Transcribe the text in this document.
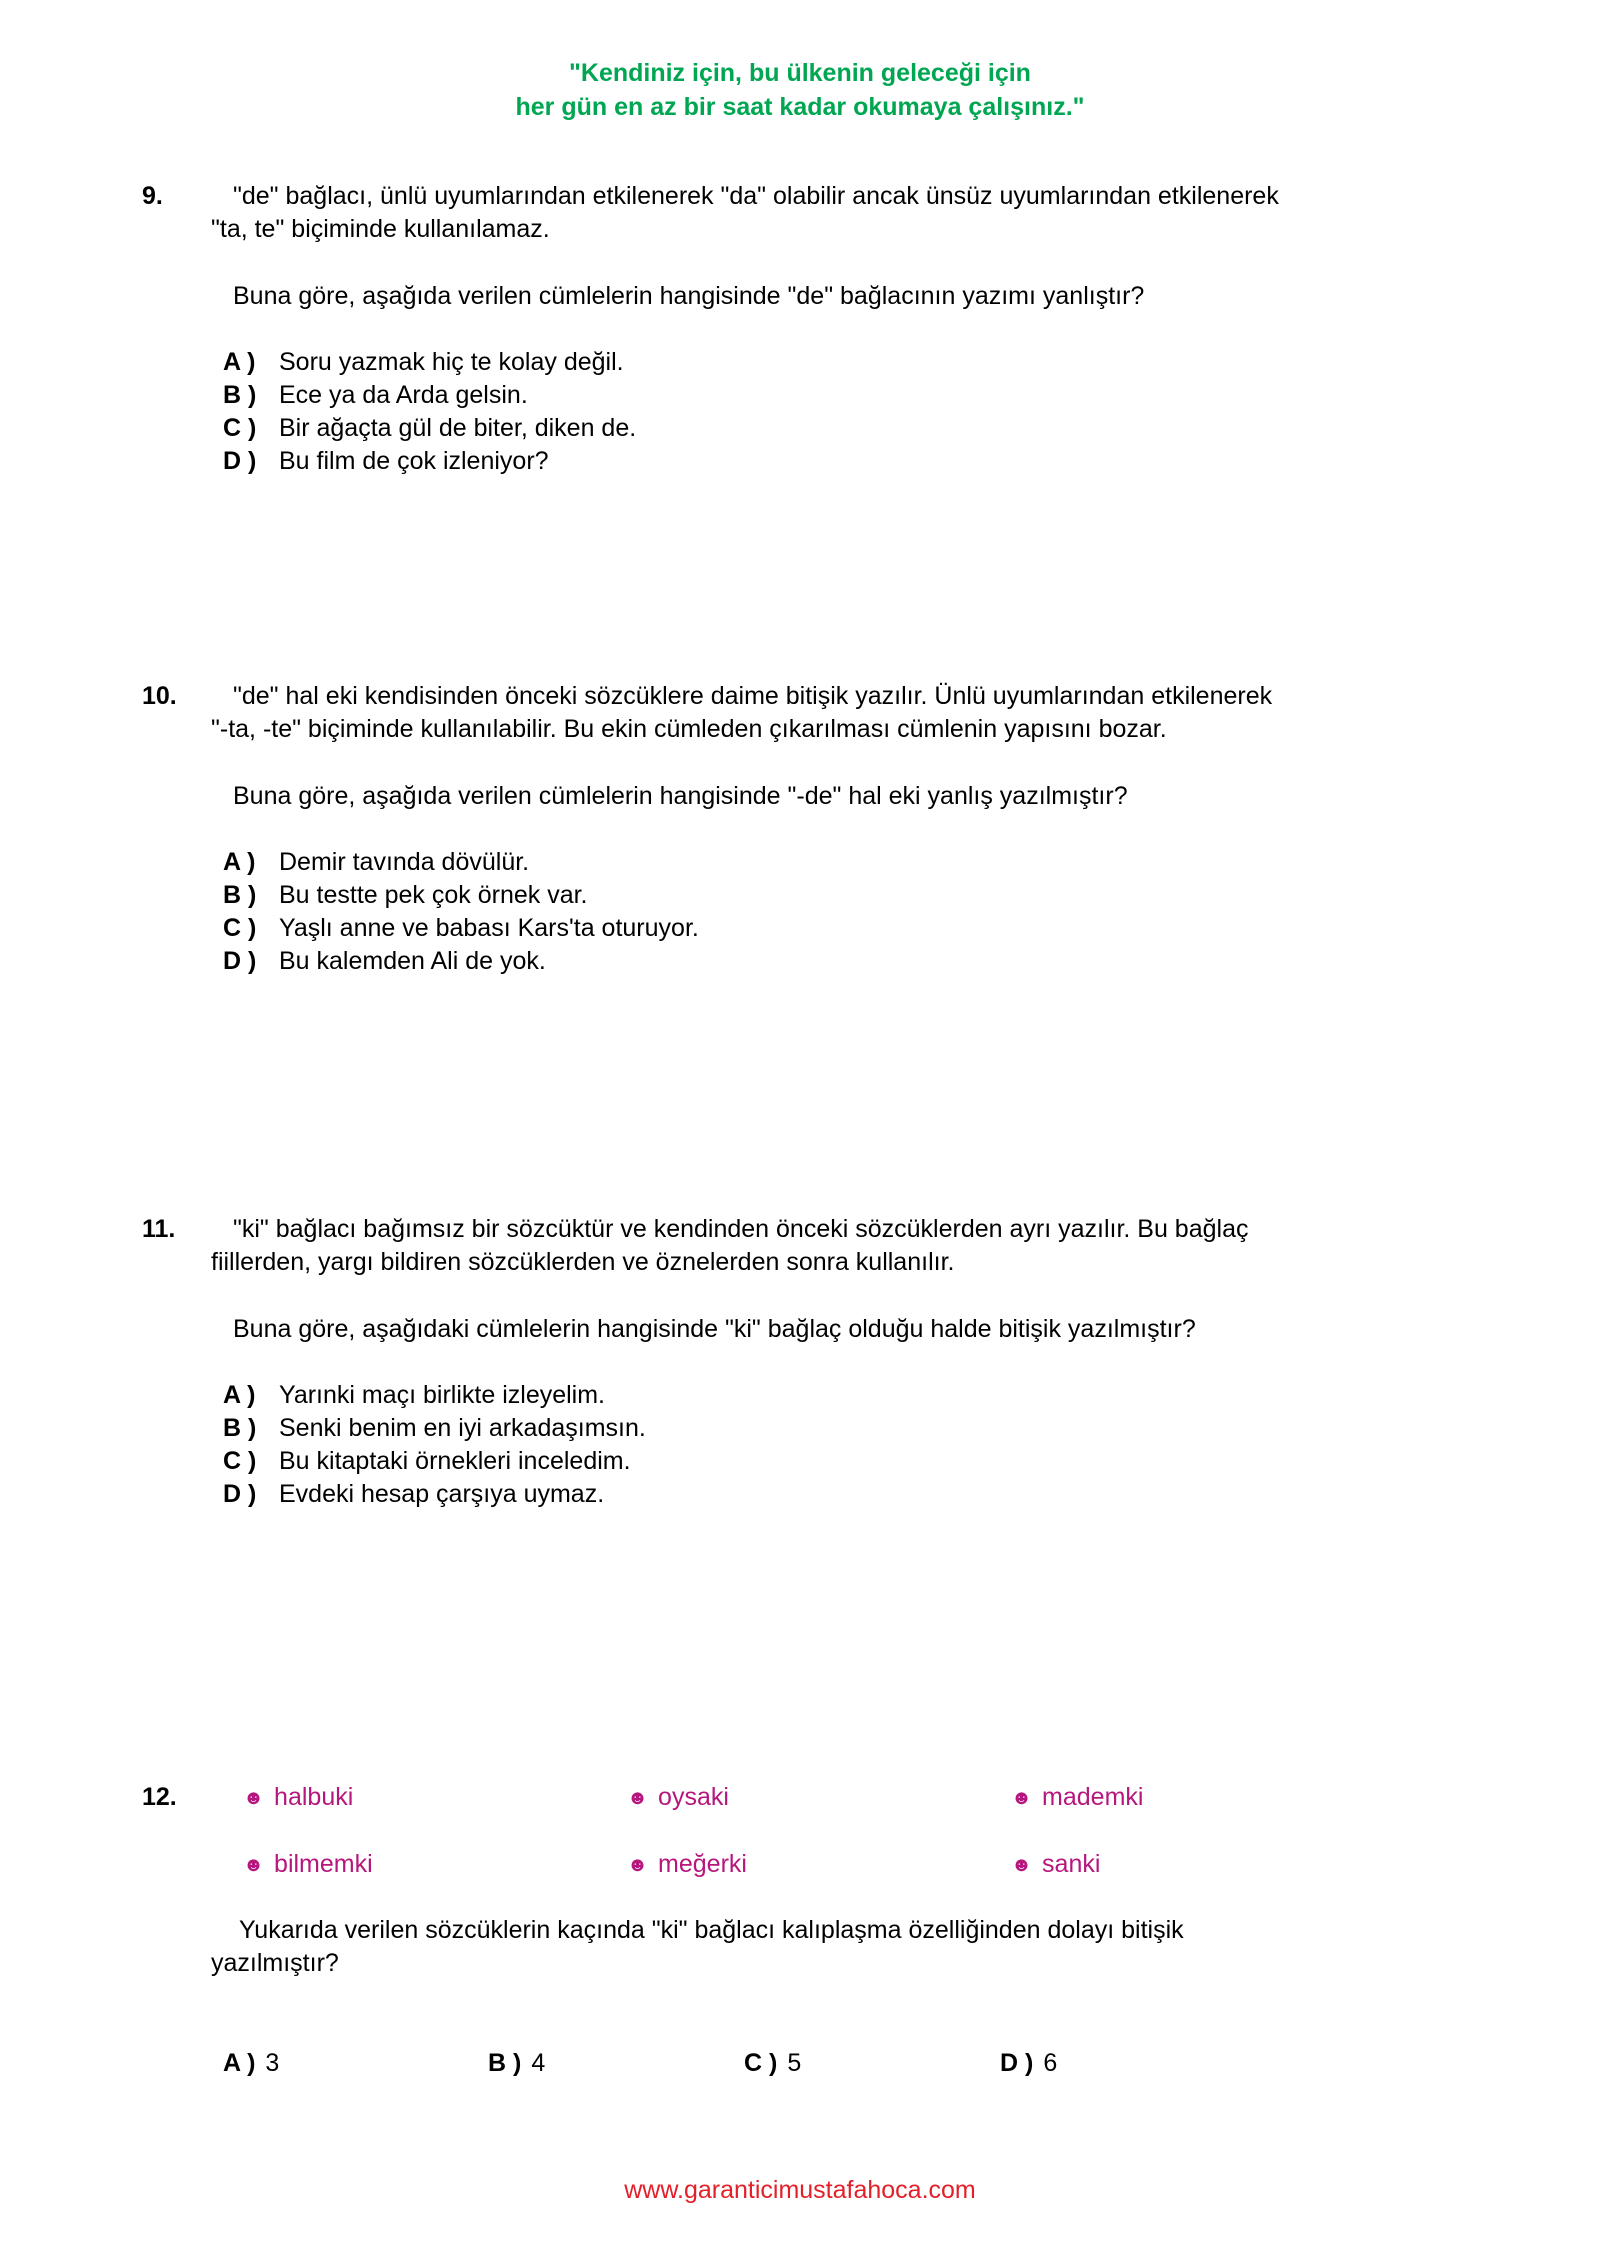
"Kendiniz için, bu ülkenin geleceği için
her gün en az bir saat kadar okumaya çalışınız."
9.	"de" bağlacı, ünlü uyumlarından etkilenerek "da" olabilir ancak ünsüz uyumlarından etkilenerek
"ta, te" biçiminde kullanılamaz.
Buna göre, aşağıda verilen cümlelerin hangisinde "de" bağlacının yazımı yanlıştır?
A ) Soru yazmak hiç te kolay değil.
B ) Ece ya da Arda gelsin.
C ) Bir ağaçta gül de biter, diken de.
D ) Bu film de çok izleniyor?
10.	"de" hal eki kendisinden önceki sözcüklere daime bitişik yazılır. Ünlü uyumlarından etkilenerek
"-ta, -te" biçiminde kullanılabilir. Bu ekin cümleden çıkarılması cümlenin yapısını bozar.
Buna göre, aşağıda verilen cümlelerin hangisinde "-de" hal eki yanlış yazılmıştır?
A ) Demir tavında dövülür.
B ) Bu testte pek çok örnek var.
C ) Yaşlı anne ve babası Kars'ta oturuyor.
D ) Bu kalemden Ali de yok.
11.	"ki" bağlacı bağımsız bir sözcüktür ve kendinden önceki sözcüklerden ayrı yazılır. Bu bağlaç
fiillerden, yargı bildiren sözcüklerden ve öznelerden sonra kullanılır.
Buna göre, aşağıdaki cümlelerin hangisinde "ki" bağlaç olduğu halde bitişik yazılmıştır?
A ) Yarınki maçı birlikte izleyelim.
B ) Senki benim en iyi arkadaşımsın.
C ) Bu kitaptaki örnekleri inceledim.
D ) Evdeki hesap çarşıya uymaz.
12.	☻ halbuki	☻ oysaki	☻ mademki
☻ bilmemki	☻ meğerki	☻ sanki
Yukarıda verilen sözcüklerin kaçında "ki" bağlacı kalıplaşma özelliğinden dolayı bitişik
yazılmıştır?
A ) 3	B ) 4	C ) 5	D ) 6
www.garanticimustafahoca.com
